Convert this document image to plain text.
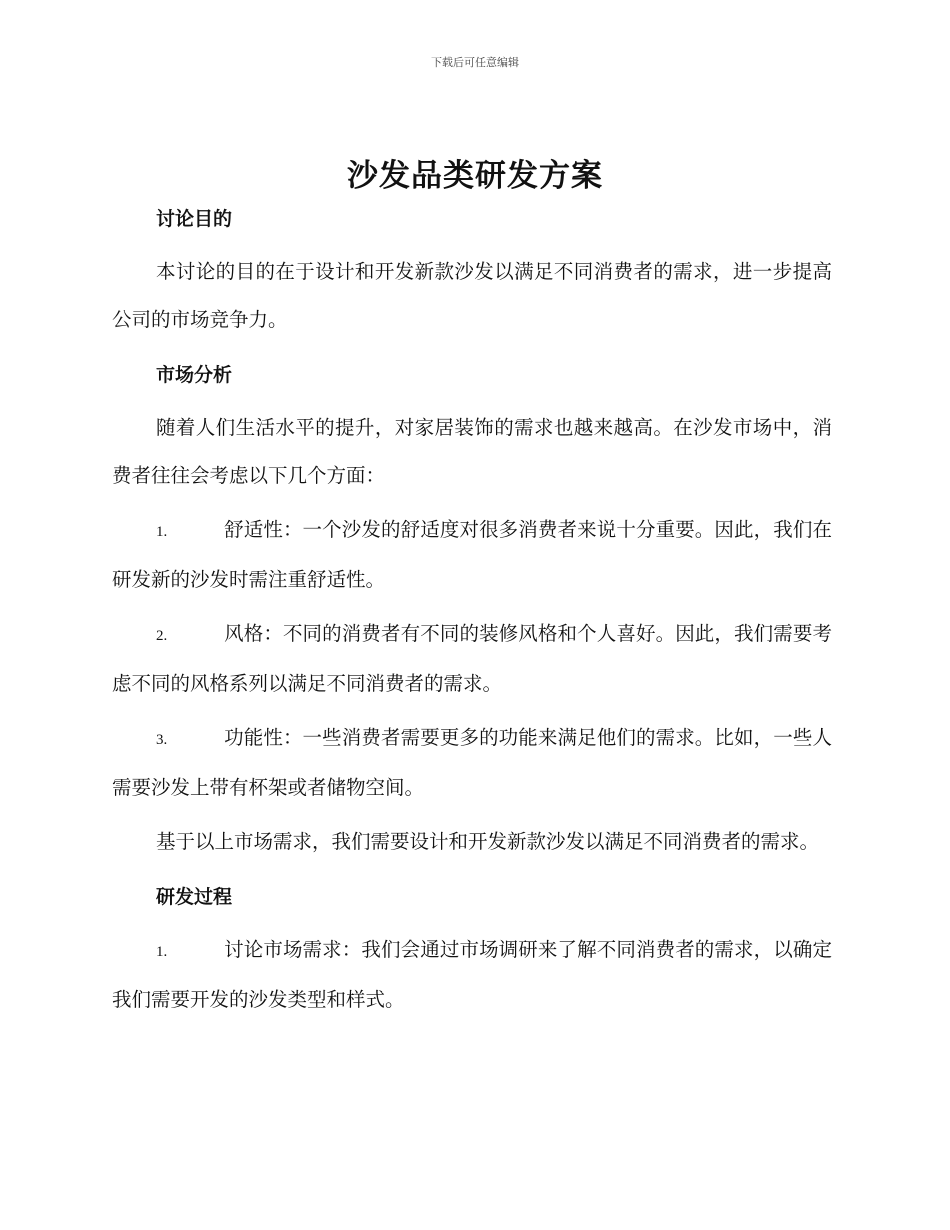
下载后可任意编辑
沙发品类研发方案
讨论目的
本讨论的目的在于设计和开发新款沙发以满足不同消费者的需求，进一步提高公司的市场竞争力。
市场分析
随着人们生活水平的提升，对家居装饰的需求也越来越高。在沙发市场中，消费者往往会考虑以下几个方面：
1.	舒适性：一个沙发的舒适度对很多消费者来说十分重要。因此，我们在研发新的沙发时需注重舒适性。
2.	风格：不同的消费者有不同的装修风格和个人喜好。因此，我们需要考虑不同的风格系列以满足不同消费者的需求。
3.	功能性：一些消费者需要更多的功能来满足他们的需求。比如，一些人需要沙发上带有杯架或者储物空间。
基于以上市场需求，我们需要设计和开发新款沙发以满足不同消费者的需求。
研发过程
1.	讨论市场需求：我们会通过市场调研来了解不同消费者的需求，以确定我们需要开发的沙发类型和样式。
